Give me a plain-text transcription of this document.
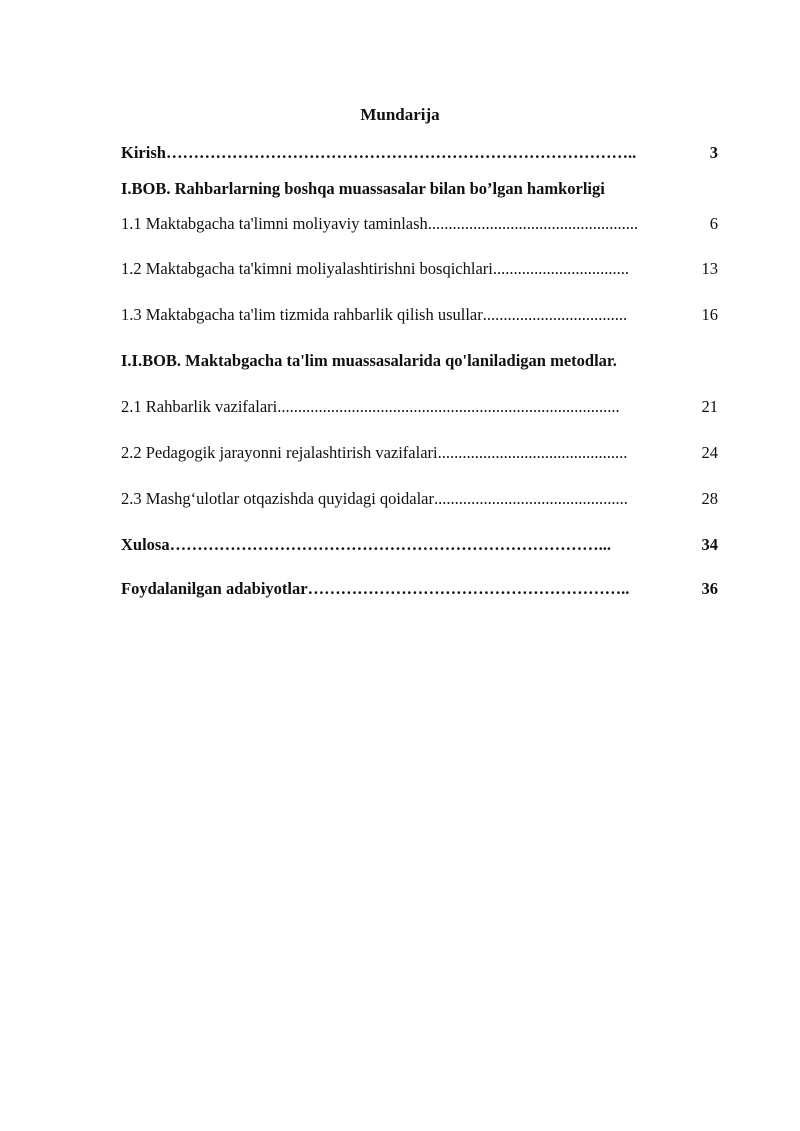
Mundarija
Kirish …………………………………………………………………………..	3
I.BOB. Rahbarlarning boshqa muassasalar bilan bo’lgan hamkorligi
1.1 Maktabgacha ta'limni moliyaviy taminlash ...................................................	6
1.2 Maktabgacha ta'kimni moliyalashtirishni bosqichlari .................................	13
1.3 Maktabgacha ta'lim tizmida rahbarlik qilish usullar ...................................	16
I.I.BOB. Maktabgacha ta'lim muassasalarida qo'laniladigan metodlar.
2.1 Rahbarlik vazifalari ...................................................................................	21
2.2 Pedagogik jarayonni rejalashtirish vazifalari ..............................................	24
2.3 Mashg‘ulotlar otqazishda quyidagi qoidalar ...............................................	28
Xulosa ……………………………………………………………………...	34
Foydalanilgan adabiyotlar …………………………………………………..	36
